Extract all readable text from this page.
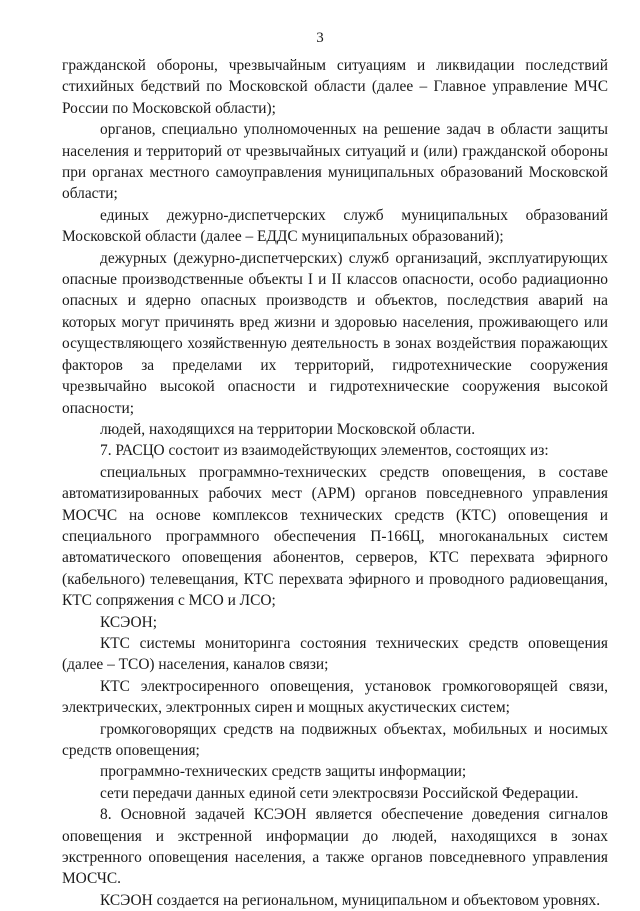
3

гражданской обороны, чрезвычайным ситуациям и ликвидации последствий стихийных бедствий по Московской области (далее – Главное управление МЧС России по Московской области);

органов, специально уполномоченных на решение задач в области защиты населения и территорий от чрезвычайных ситуаций и (или) гражданской обороны при органах местного самоуправления муниципальных образований Московской области;

единых дежурно-диспетчерских служб муниципальных образований Московской области (далее – ЕДДС муниципальных образований);

дежурных (дежурно-диспетчерских) служб организаций, эксплуатирующих опасные производственные объекты I и II классов опасности, особо радиационно опасных и ядерно опасных производств и объектов, последствия аварий на которых могут причинять вред жизни и здоровью населения, проживающего или осуществляющего хозяйственную деятельность в зонах воздействия поражающих факторов за пределами их территорий, гидротехнические сооружения чрезвычайно высокой опасности и гидротехнические сооружения высокой опасности;

людей, находящихся на территории Московской области.

7. РАСЦО состоит из взаимодействующих элементов, состоящих из:

специальных программно-технических средств оповещения, в составе автоматизированных рабочих мест (АРМ) органов повседневного управления МОСЧС на основе комплексов технических средств (КТС) оповещения и специального программного обеспечения П-166Ц, многоканальных систем автоматического оповещения абонентов, серверов, КТС перехвата эфирного (кабельного) телевещания, КТС перехвата эфирного и проводного радиовещания, КТС сопряжения с МСО и ЛСО;

КСЭОН;

КТС системы мониторинга состояния технических средств оповещения (далее – ТСО) населения, каналов связи;

КТС электросиренного оповещения, установок громкоговорящей связи, электрических, электронных сирен и мощных акустических систем;

громкоговорящих средств на подвижных объектах, мобильных и носимых средств оповещения;

программно-технических средств защиты информации;

сети передачи данных единой сети электросвязи Российской Федерации.

8. Основной задачей КСЭОН является обеспечение доведения сигналов оповещения и экстренной информации до людей, находящихся в зонах экстренного оповещения населения, а также органов повседневного управления МОСЧС.

КСЭОН создается на региональном, муниципальном и объектовом уровнях.
